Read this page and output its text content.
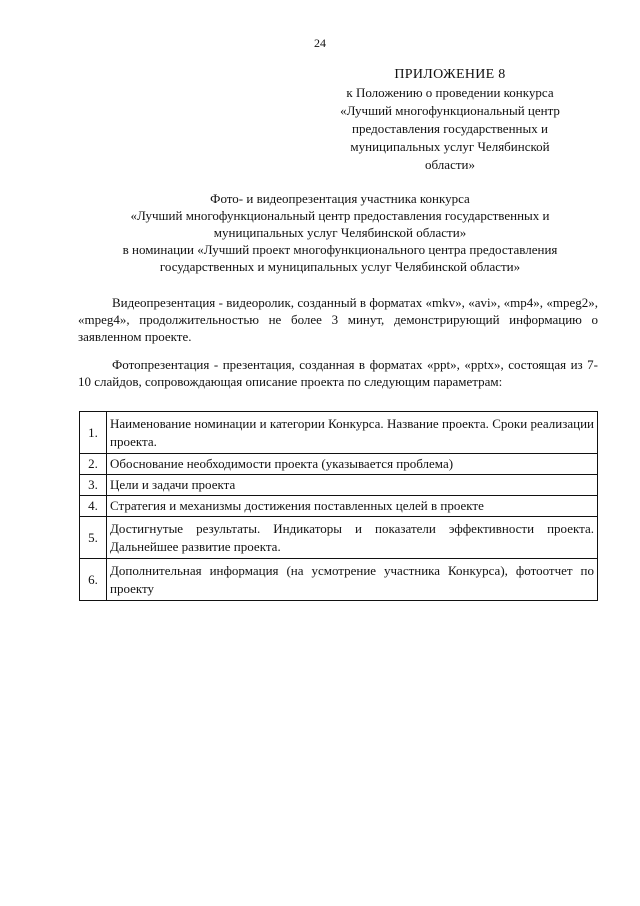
24
ПРИЛОЖЕНИЕ 8
к Положению о проведении конкурса
«Лучший многофункциональный центр
предоставления государственных и
муниципальных услуг Челябинской
области»
Фото- и видеопрезентация участника конкурса
«Лучший многофункциональный центр предоставления государственных и
муниципальных услуг Челябинской области»
в номинации «Лучший проект многофункционального центра предоставления
государственных и муниципальных услуг Челябинской области»

Видеопрезентация - видеоролик, созданный в форматах «mkv», «avi», «mp4», «mpeg2», «mpeg4», продолжительностью не более 3 минут, демонстрирующий информацию о заявленном проекте.

Фотопрезентация - презентация, созданная в форматах «ppt», «pptx», состоящая из 7-10 слайдов, сопровождающая описание проекта по следующим параметрам:

1.	Наименование номинации и категории Конкурса. Название проекта. Сроки реализации проекта.
2.	Обоснование необходимости проекта (указывается проблема)
3.	Цели и задачи проекта
4.	Стратегия и механизмы достижения поставленных целей в проекте
5.	Достигнутые результаты. Индикаторы и показатели эффективности проекта. Дальнейшее развитие проекта.
6.	Дополнительная информация (на усмотрение участника Конкурса), фотоотчет по проекту
